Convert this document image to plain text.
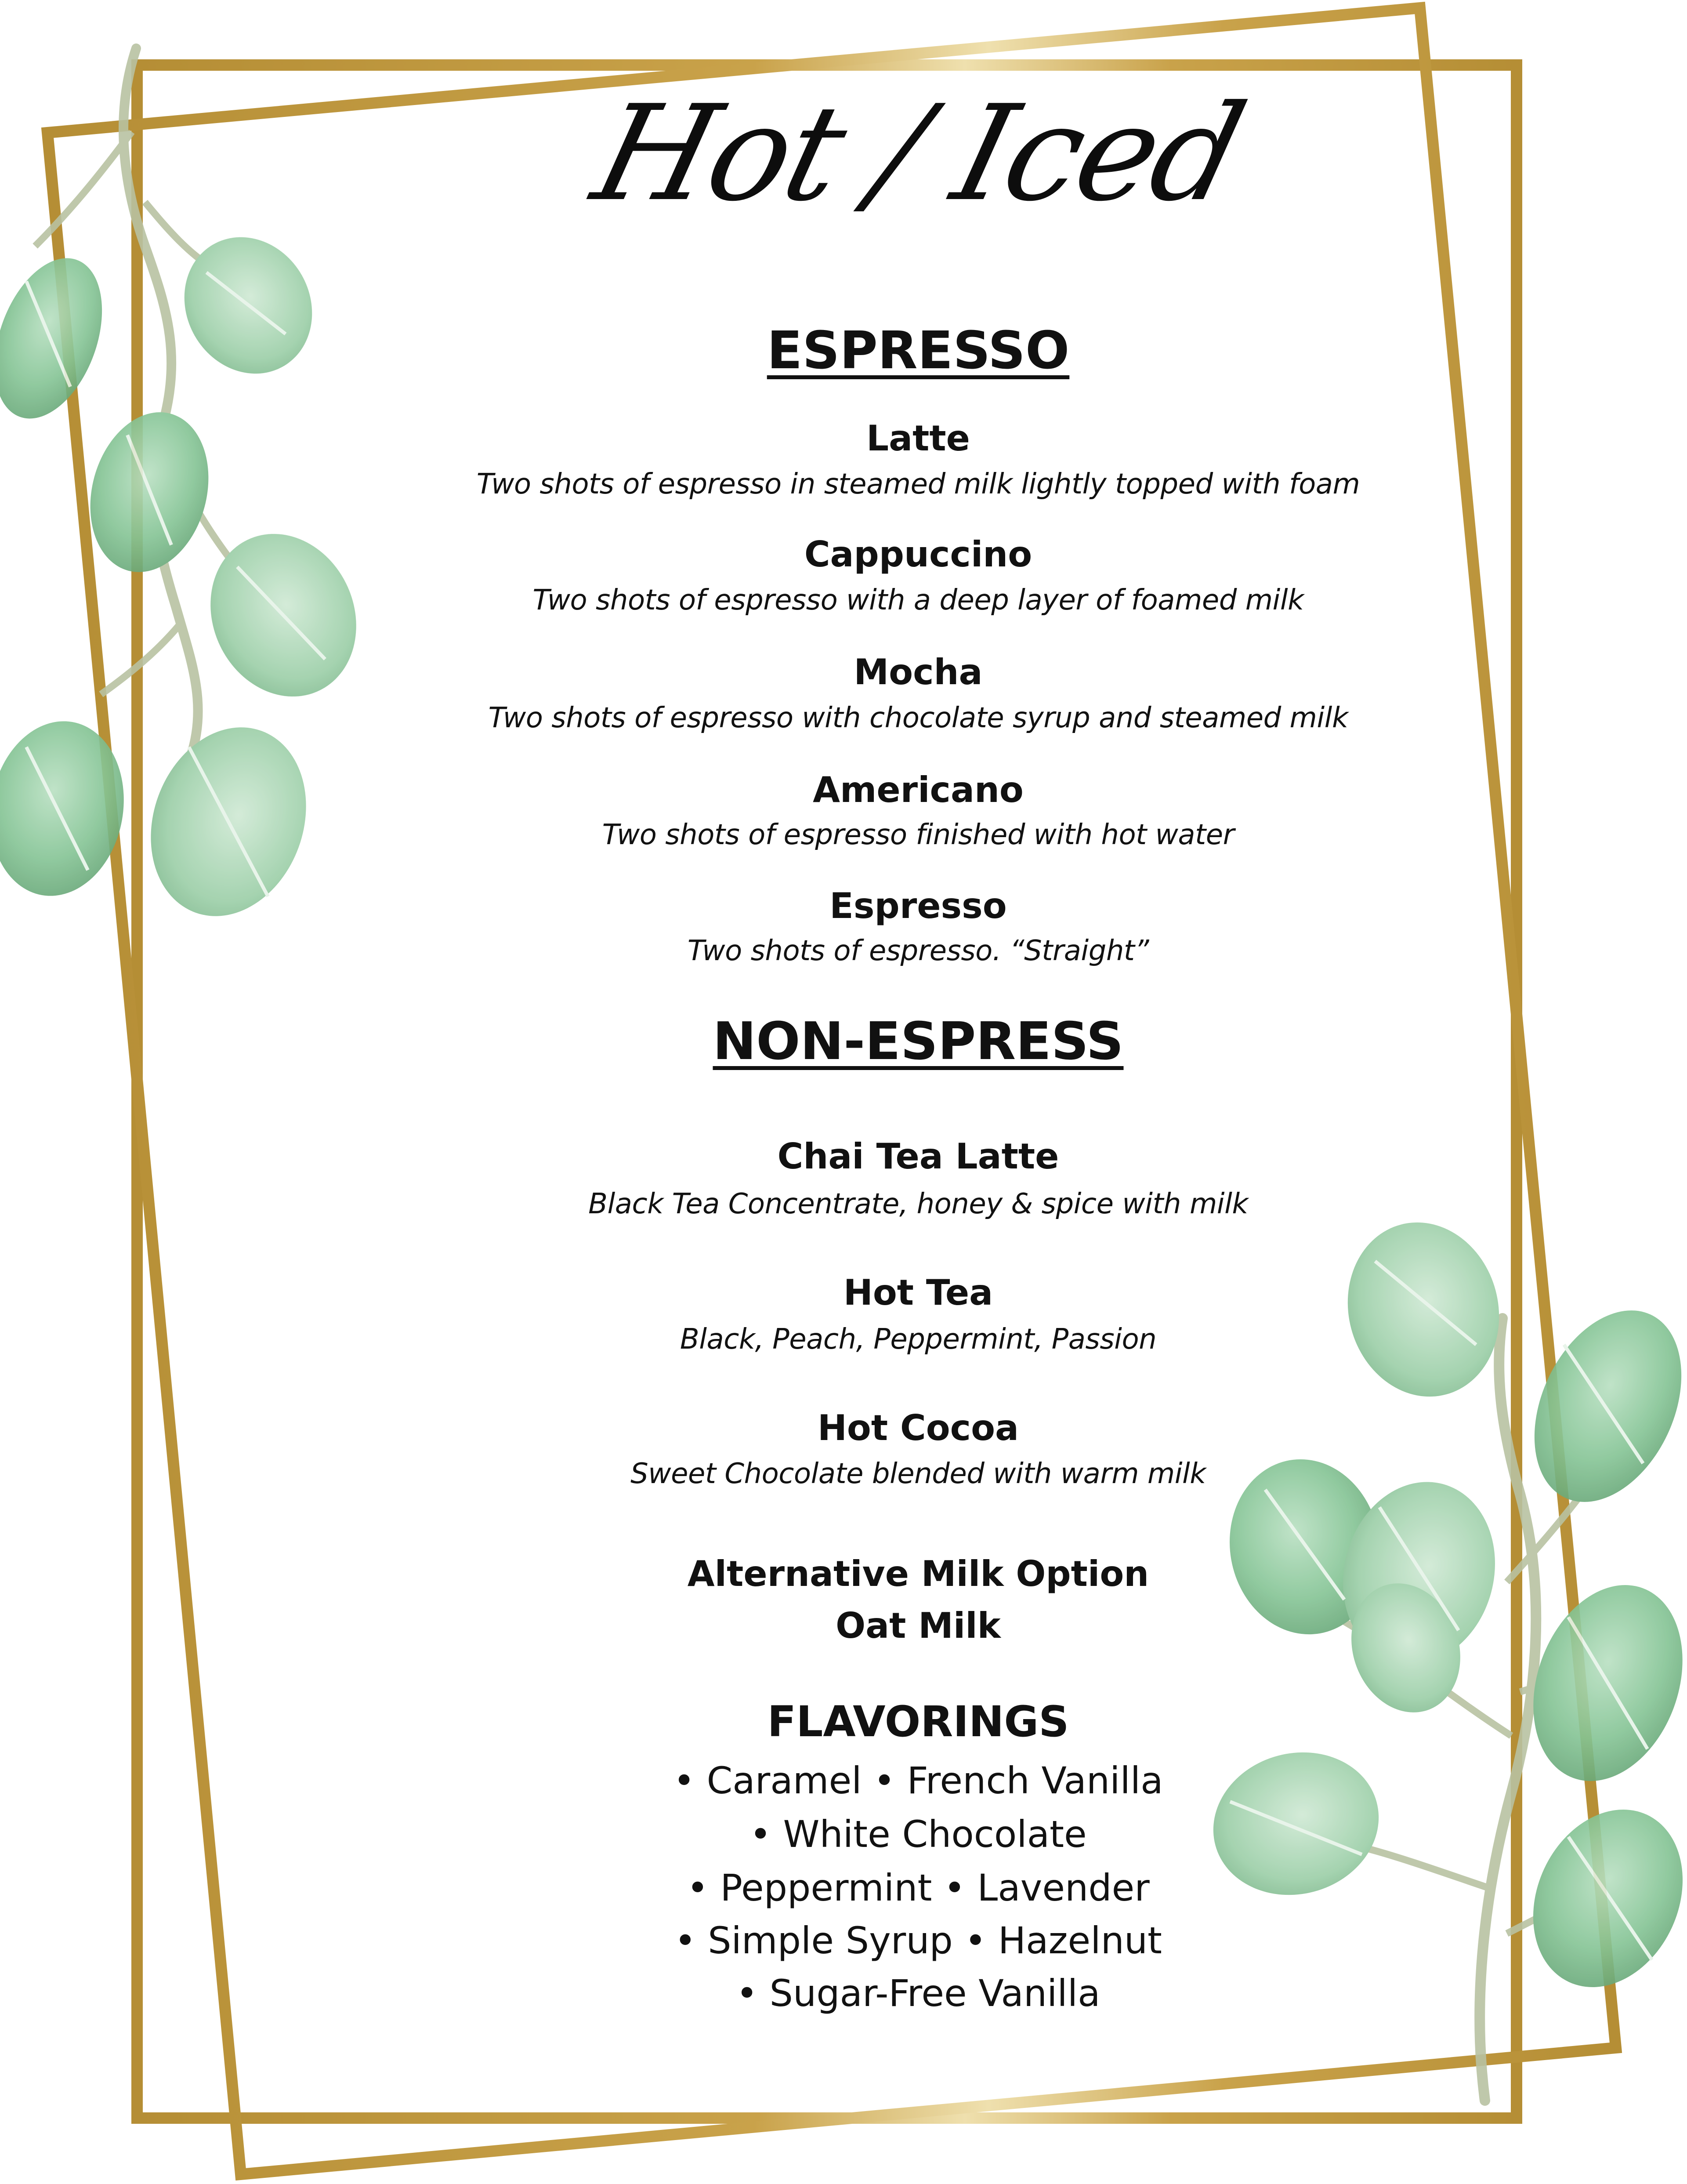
Hot / Iced
ESPRESSO
Latte
Two shots of espresso in steamed milk lightly topped with foam
Cappuccino
Two shots of espresso with a deep layer of foamed milk
Mocha
Two shots of espresso with chocolate syrup and steamed milk
Americano
Two shots of espresso finished with hot water
Espresso
Two shots of espresso. “Straight”
NON-ESPRESS
Chai Tea Latte
Black Tea Concentrate, honey & spice with milk
Hot Tea
Black, Peach, Peppermint, Passion
Hot Cocoa
Sweet Chocolate blended with warm milk
Alternative Milk Option
Oat Milk
FLAVORINGS
• Caramel • French Vanilla
• White Chocolate
• Peppermint • Lavender
• Simple Syrup • Hazelnut
• Sugar-Free Vanilla
